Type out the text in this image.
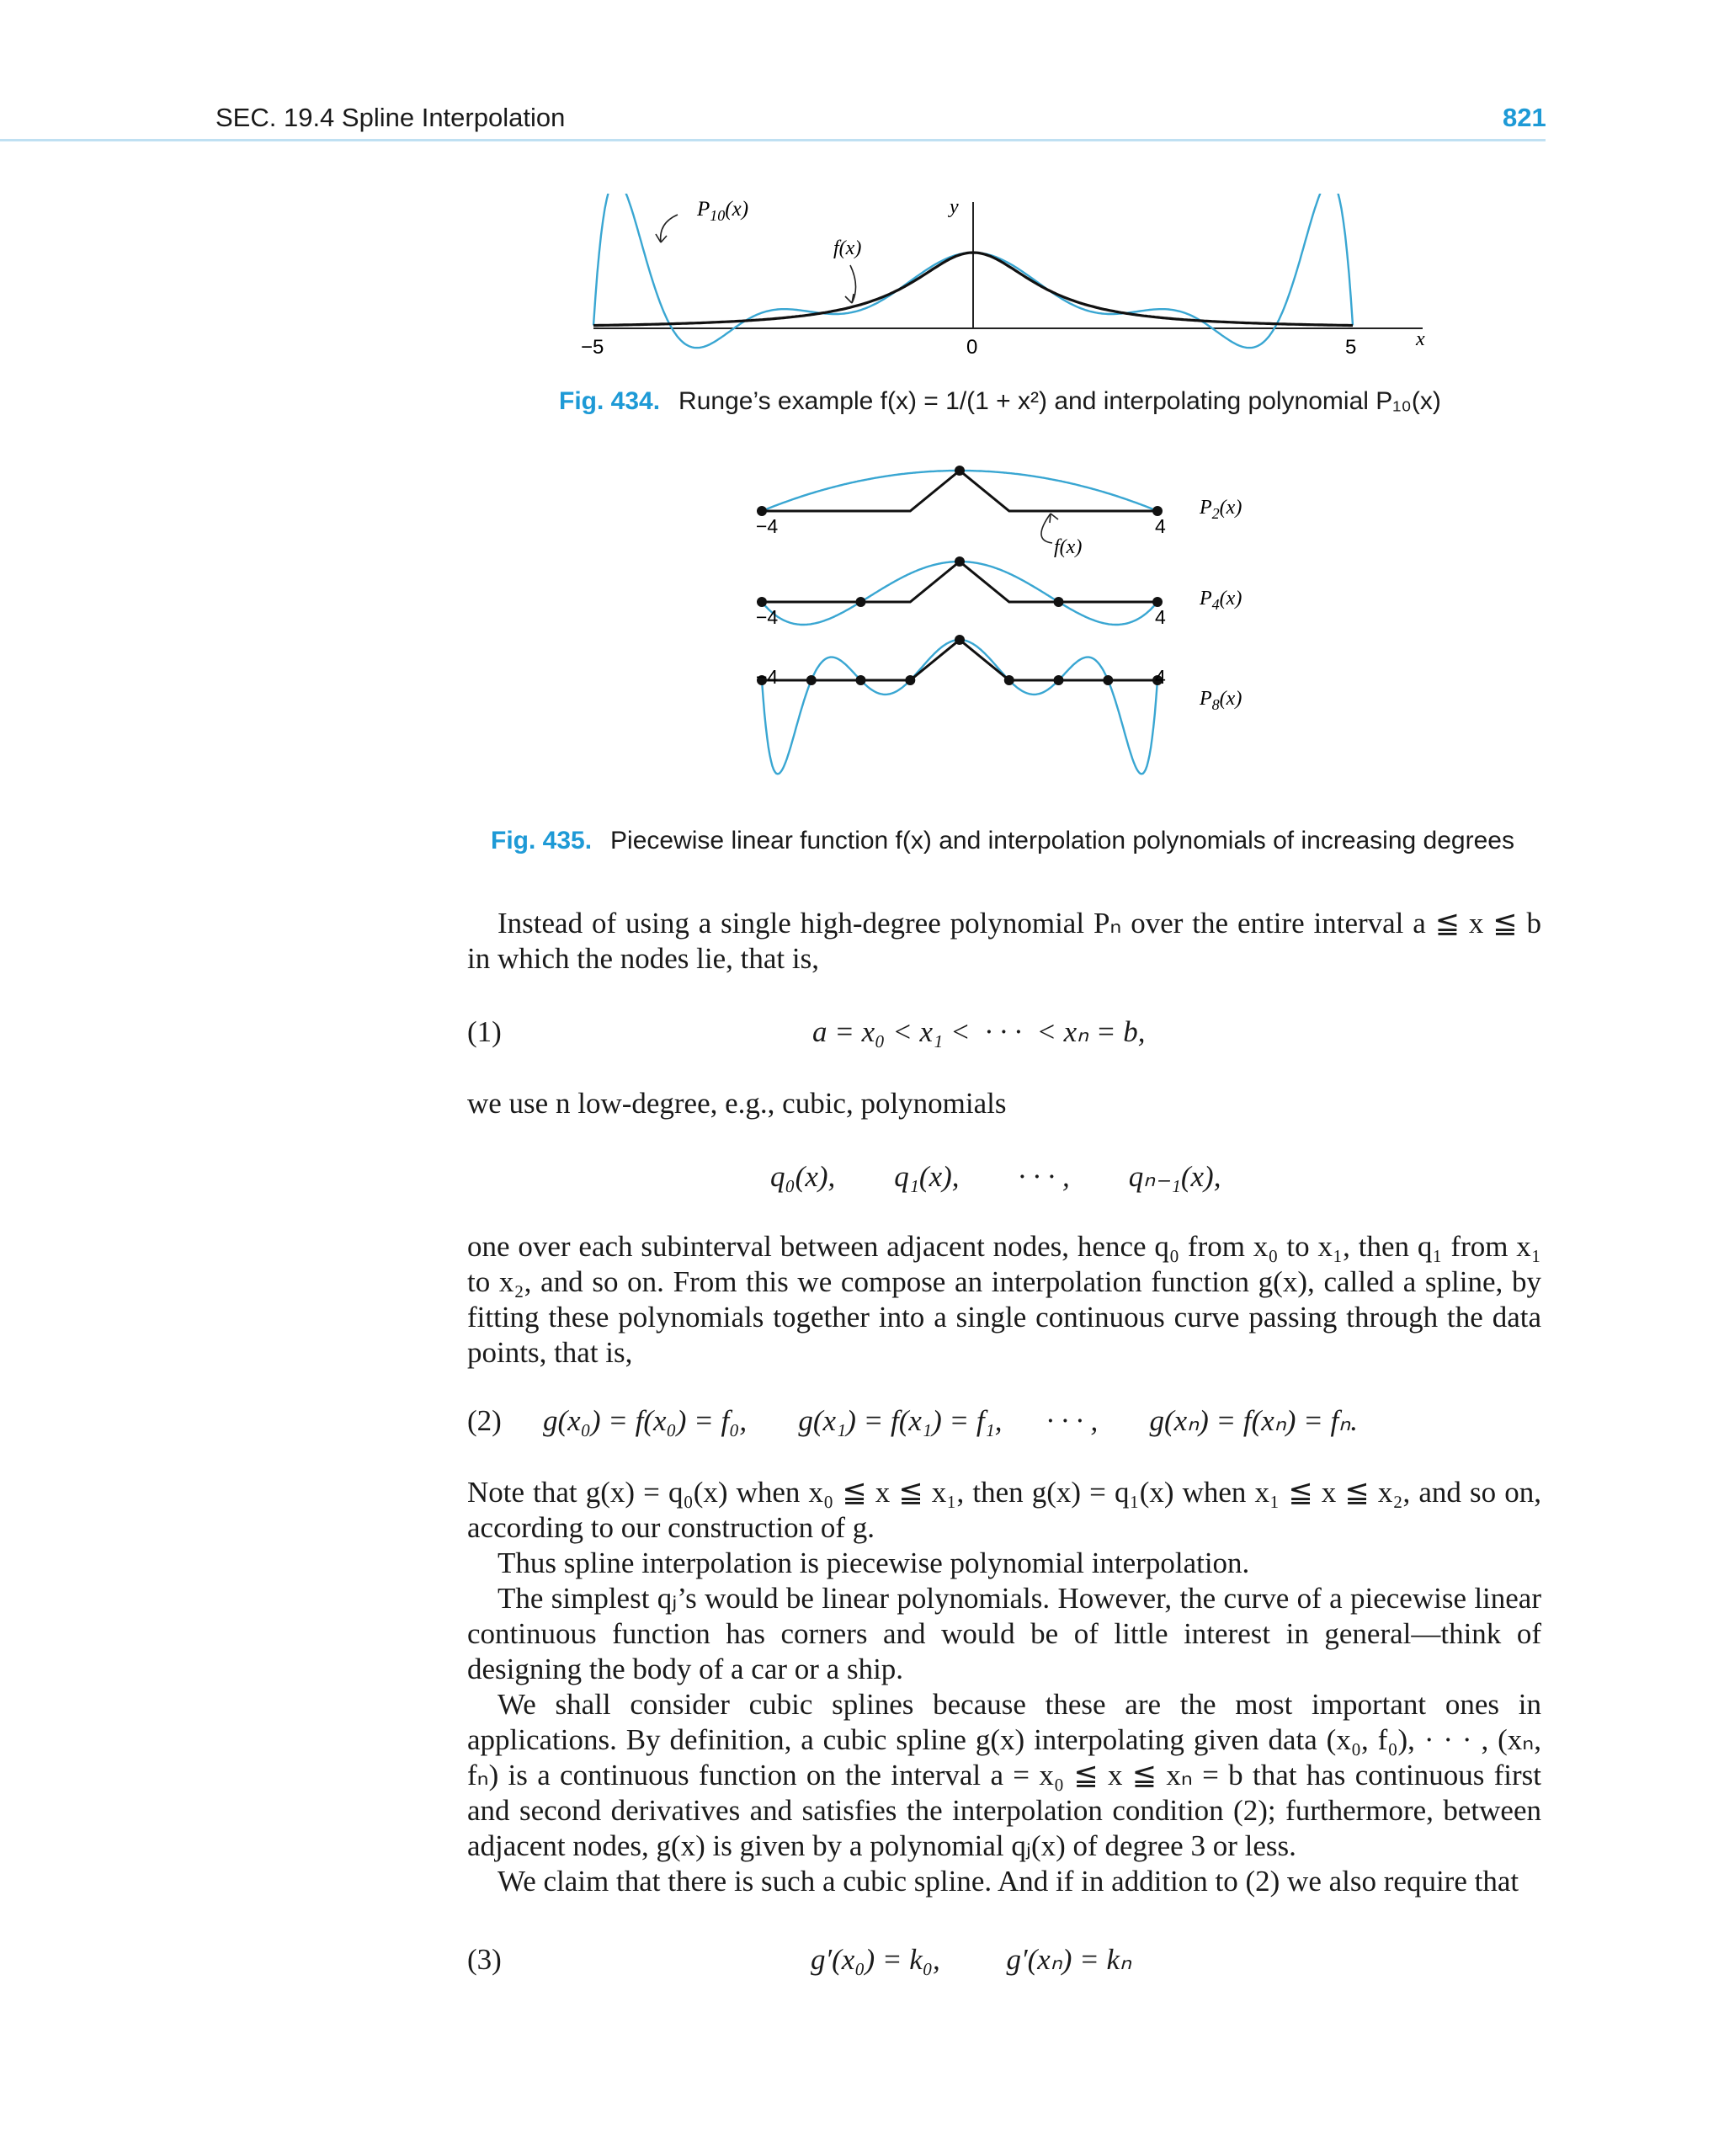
SEC. 19.4 Spline Interpolation	821
$P_{10}(x)$
f(x)
y
x
−5	0	5
Fig. 434. Runge’s example f(x) = 1/(1 + x²) and interpolating polynomial P₁₀(x)
f(x)
−4	4
$P_2(x)$
−4	4
$P_4(x)$
−4	4
$P_8(x)$
Fig. 435. Piecewise linear function f(x) and interpolation polynomials of increasing degrees

Instead of using a single high-degree polynomial Pₙ over the entire interval a ≦ x ≦ b in which the nodes lie, that is,

(1)	a = x₀ < x₁ <  · · ·  < xₙ = b,

we use n low-degree, e.g., cubic, polynomials

q₀(x),        q₁(x),        · · · ,        qₙ₋₁(x),

one over each subinterval between adjacent nodes, hence q₀ from x₀ to x₁, then q₁ from x₁ to x₂, and so on. From this we compose an interpolation function g(x), called a spline, by fitting these polynomials together into a single continuous curve passing through the data points, that is,

(2) g(x₀) = f(x₀) = f₀,       g(x₁) = f(x₁) = f₁,      · · · ,       g(xₙ) = f(xₙ) = fₙ.

Note that g(x) = q₀(x) when x₀ ≦ x ≦ x₁, then g(x) = q₁(x) when x₁ ≦ x ≦ x₂, and so on, according to our construction of g.

Thus spline interpolation is piecewise polynomial interpolation.

The simplest qⱼ’s would be linear polynomials. However, the curve of a piecewise linear continuous function has corners and would be of little interest in general—think of designing the body of a car or a ship.

We shall consider cubic splines because these are the most important ones in applications. By definition, a cubic spline g(x) interpolating given data (x₀, f₀), · · · , (xₙ, fₙ) is a continuous function on the interval a = x₀ ≦ x ≦ xₙ = b that has continuous first and second derivatives and satisfies the interpolation condition (2); furthermore, between adjacent nodes, g(x) is given by a polynomial qⱼ(x) of degree 3 or less.

We claim that there is such a cubic spline. And if in addition to (2) we also require that

(3)	g′(x₀) = k₀,         g′(xₙ) = kₙ
